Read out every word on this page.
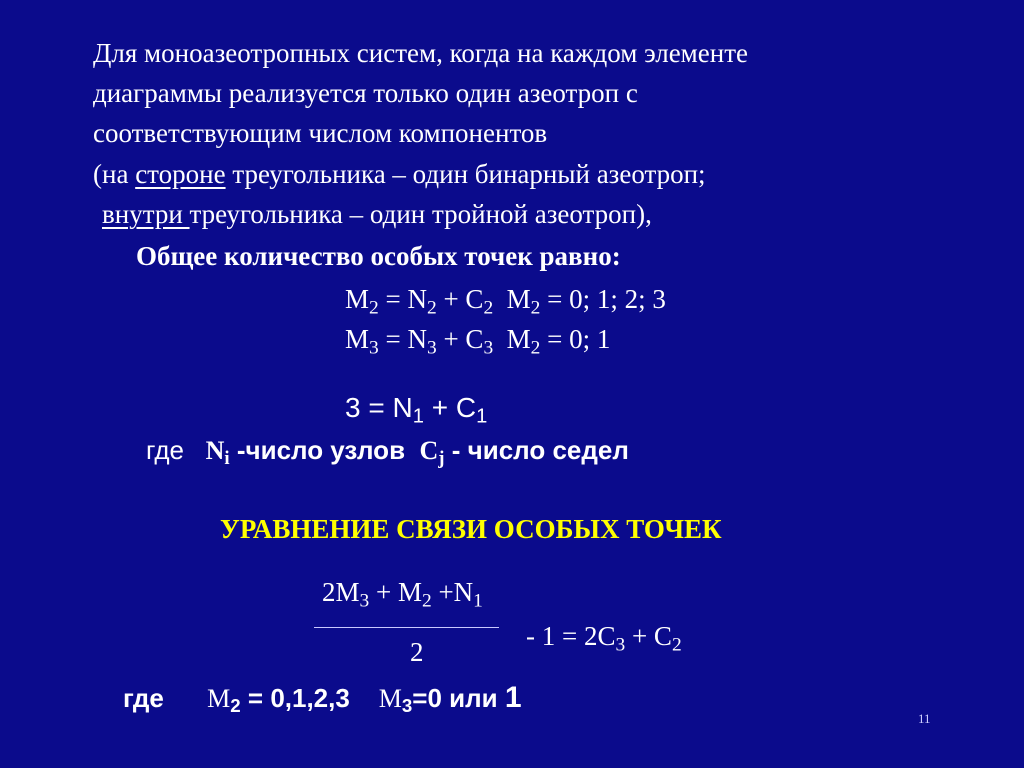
Для моноазеотропных систем, когда на каждом элементе
диаграммы реализуется только один азеотроп с
соответствующим числом компонентов
(на стороне треугольника – один бинарный азеотроп;
внутри треугольника – один тройной азеотроп),
Общее количество особых точек равно:
$M_2 = N_2 + C_2$  $M_2 = 0$; 1; 2; 3
$M_3 = N_3 + C_3$  $M_2 = 0$; 1
$3 = N_1 + C_1$
где $N_i$ -число узлов $C_j$ - число седел
УРАВНЕНИЕ СВЯЗИ ОСОБЫХ ТОЧЕК
$2M_3 + M_2 +N_1$
2
- $1 = 2C_3 + C_2$
где $M_2 = 0,1,2,3$ $M_3=0$ или 1
11
